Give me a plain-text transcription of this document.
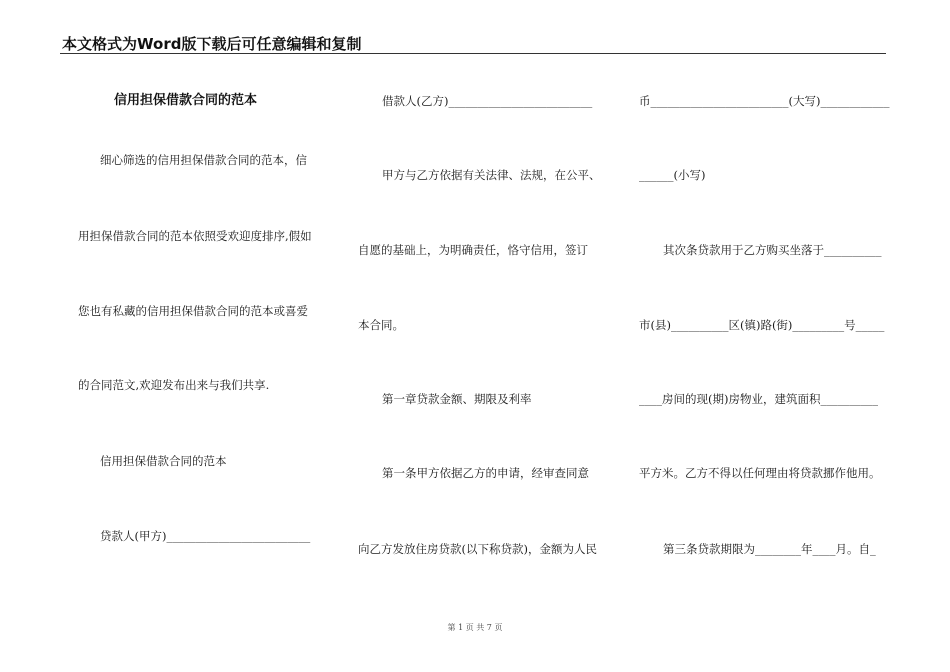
本文格式为Word版下载后可任意编辑和复制
信用担保借款合同的范本
细心筛选的信用担保借款合同的范本，信
用担保借款合同的范本依照受欢迎度排序,假如
您也有私藏的信用担保借款合同的范本或喜爱
的合同范文,欢迎发布出来与我们共享.
信用担保借款合同的范本
贷款人(甲方)_________________________
借款人(乙方)_________________________
甲方与乙方依据有关法律、法规，在公平、
自愿的基础上，为明确责任，恪守信用，签订
本合同。
第一章贷款金额、期限及利率
第一条甲方依据乙方的申请，经审查同意
向乙方发放住房贷款(以下称贷款)，金额为人民
币________________________(大写)____________
______(小写)
其次条贷款用于乙方购买坐落于__________
市(县)__________区(镇)路(街)_________号_____
____房间的现(期)房物业，建筑面积__________
平方米。乙方不得以任何理由将贷款挪作他用。
第三条贷款期限为________年____月。自_
第 1 页 共 7 页
